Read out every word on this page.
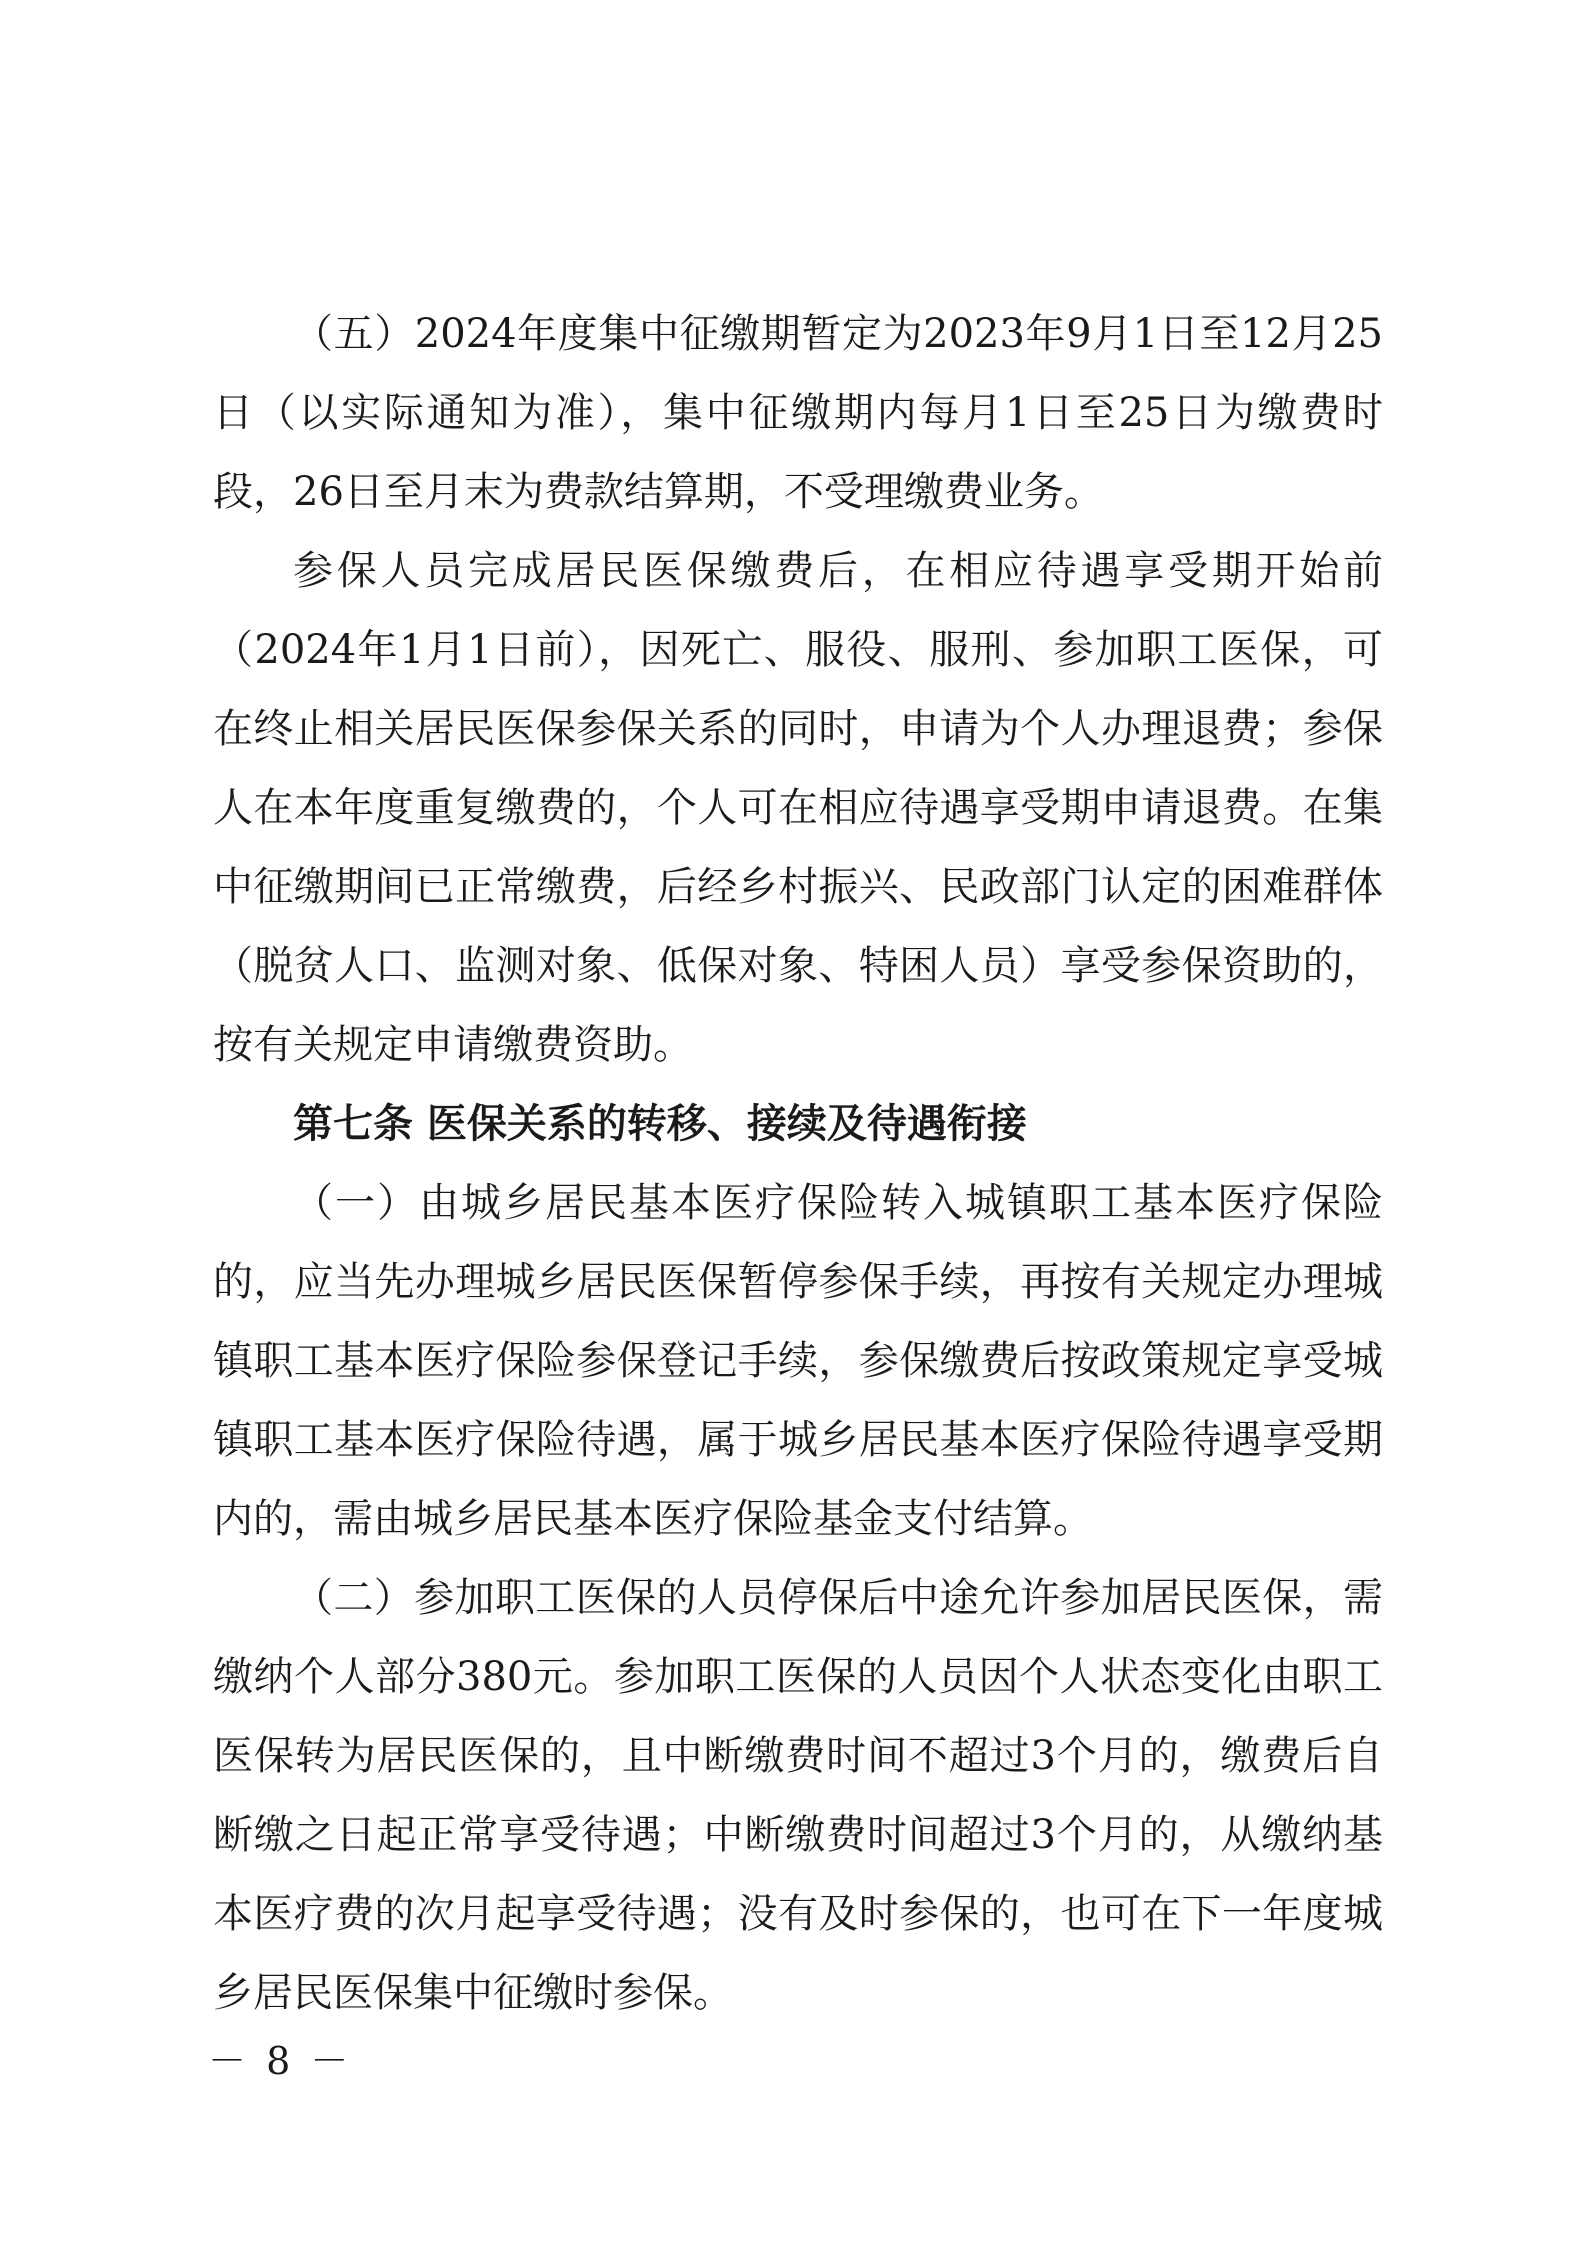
（五）2024年度集中征缴期暂定为2023年9月1日至12月25日（以实际通知为准），集中征缴期内每月1日至25日为缴费时段，26日至月末为费款结算期，不受理缴费业务。

参保人员完成居民医保缴费后，在相应待遇享受期开始前（2024年1月1日前），因死亡、服役、服刑、参加职工医保，可在终止相关居民医保参保关系的同时，申请为个人办理退费；参保人在本年度重复缴费的，个人可在相应待遇享受期申请退费。在集中征缴期间已正常缴费，后经乡村振兴、民政部门认定的困难群体（脱贫人口、监测对象、低保对象、特困人员）享受参保资助的，按有关规定申请缴费资助。

第七条 医保关系的转移、接续及待遇衔接

（一）由城乡居民基本医疗保险转入城镇职工基本医疗保险的，应当先办理城乡居民医保暂停参保手续，再按有关规定办理城镇职工基本医疗保险参保登记手续，参保缴费后按政策规定享受城镇职工基本医疗保险待遇，属于城乡居民基本医疗保险待遇享受期内的，需由城乡居民基本医疗保险基金支付结算。

（二）参加职工医保的人员停保后中途允许参加居民医保，需缴纳个人部分380元。参加职工医保的人员因个人状态变化由职工医保转为居民医保的，且中断缴费时间不超过3个月的，缴费后自断缴之日起正常享受待遇；中断缴费时间超过3个月的，从缴纳基本医疗费的次月起享受待遇；没有及时参保的，也可在下一年度城乡居民医保集中征缴时参保。

－ 8 －
